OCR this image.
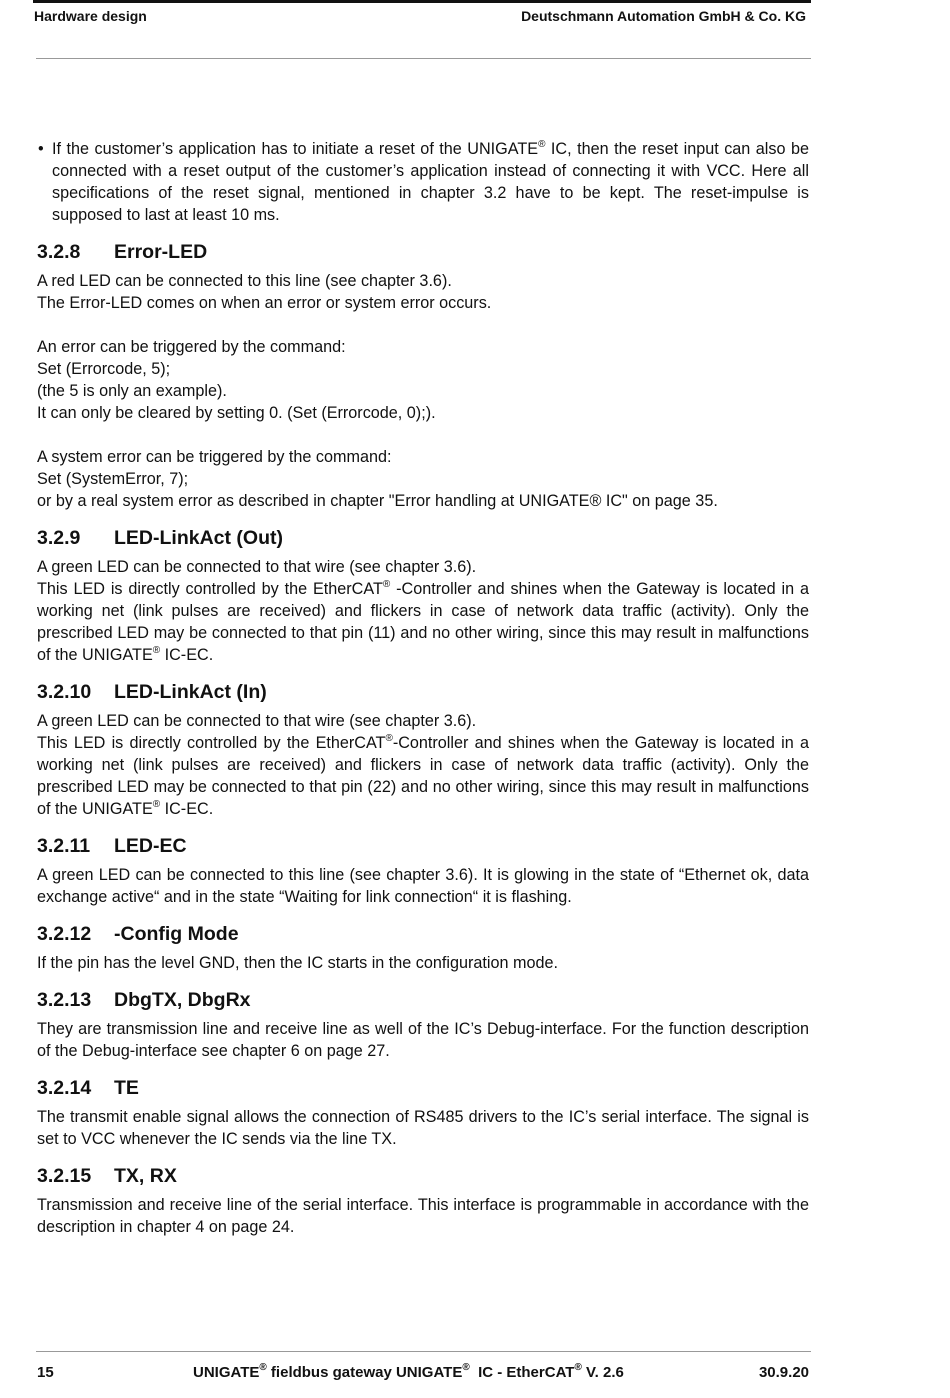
Hardware design	Deutschmann Automation GmbH & Co. KG

• If the customer’s application has to initiate a reset of the UNIGATE® IC, then the reset input can also be connected with a reset output of the customer’s application instead of connecting it with VCC. Here all specifications of the reset signal, mentioned in chapter 3.2 have to be kept. The reset-impulse is supposed to last at least 10 ms.

3.2.8 Error-LED

A red LED can be connected to this line (see chapter 3.6).

The Error-LED comes on when an error or system error occurs.

An error can be triggered by the command:

Set (Errorcode, 5);

(the 5 is only an example).

It can only be cleared by setting 0. (Set (Errorcode, 0);).

A system error can be triggered by the command:

Set (SystemError, 7);

or by a real system error as described in chapter "Error handling at UNIGATE® IC" on page 35.

3.2.9 LED-LinkAct (Out)

A green LED can be connected to that wire (see chapter 3.6).

This LED is directly controlled by the EtherCAT® -Controller and shines when the Gateway is located in a working net (link pulses are received) and flickers in case of network data traffic (activity). Only the prescribed LED may be connected to that pin (11) and no other wiring, since this may result in malfunctions of the UNIGATE® IC-EC.

3.2.10 LED-LinkAct (In)

A green LED can be connected to that wire (see chapter 3.6).

This LED is directly controlled by the EtherCAT®-Controller and shines when the Gateway is located in a working net (link pulses are received) and flickers in case of network data traffic (activity). Only the prescribed LED may be connected to that pin (22) and no other wiring, since this may result in malfunctions of the UNIGATE® IC-EC.

3.2.11 LED-EC

A green LED can be connected to this line (see chapter 3.6). It is glowing in the state of “Ethernet ok, data exchange active“ and in the state “Waiting for link connection“ it is flashing.

3.2.12 -Config Mode

If the pin has the level GND, then the IC starts in the configuration mode.

3.2.13 DbgTX, DbgRx

They are transmission line and receive line as well of the IC’s Debug-interface. For the function description of the Debug-interface see chapter 6 on page 27.

3.2.14 TE

The transmit enable signal allows the connection of RS485 drivers to the IC’s serial interface. The signal is set to VCC whenever the IC sends via the line TX.

3.2.15 TX, RX

Transmission and receive line of the serial interface. This interface is programmable in accordance with the description in chapter 4 on page 24.

15	UNIGATE® fieldbus gateway UNIGATE®  IC - EtherCAT® V. 2.6	30.9.20
